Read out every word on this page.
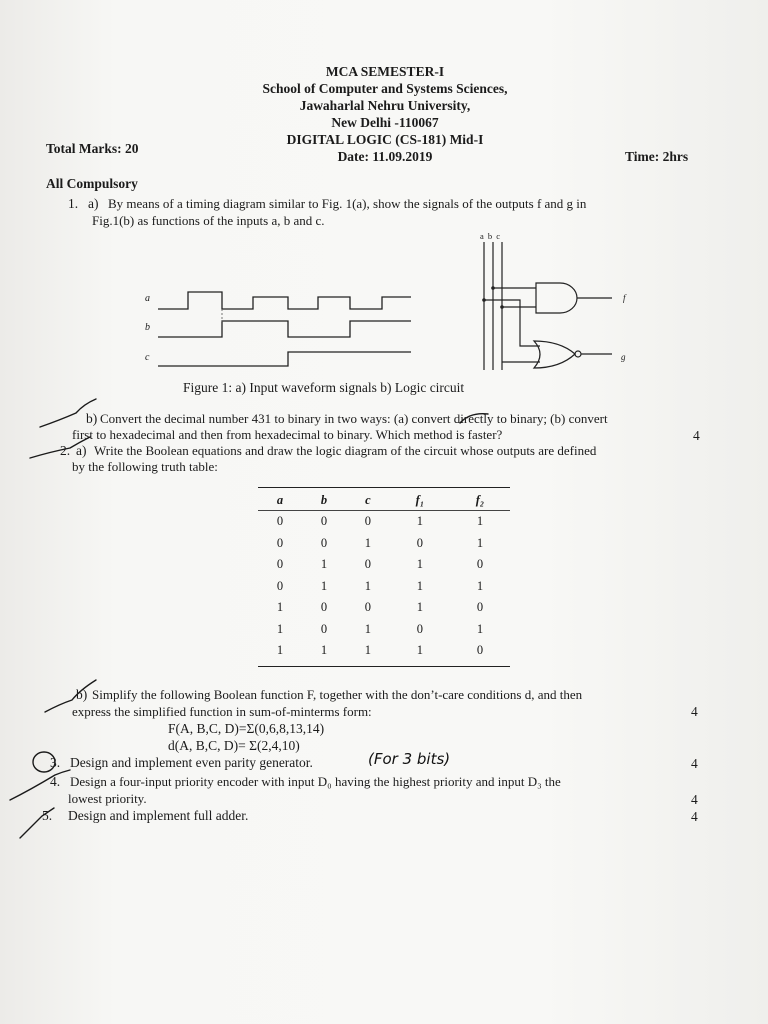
MCA SEMESTER-I
School of Computer and Systems Sciences,
Jawaharlal Nehru University,
New Delhi -110067
DIGITAL LOGIC (CS-181) Mid-I
Date: 11.09.2019
Total Marks: 20
Time: 2hrs
All Compulsory
1. a) By means of a timing diagram similar to Fig. 1(a), show the signals of the outputs f and g in
Fig.1(b) as functions of the inputs a, b and c.
a
b
c
a b c
f
g
Figure 1: a) Input waveform signals b) Logic circuit
b) Convert the decimal number 431 to binary in two ways: (a) convert directly to binary; (b) convert
first to hexadecimal and then from hexadecimal to binary. Which method is faster?	4
2. a) Write the Boolean equations and draw the logic diagram of the circuit whose outputs are defined
by the following truth table:
a	b	c	f₁	f₂
0	0	0	1	1
0	0	1	0	1
0	1	0	1	0
0	1	1	1	1
1	0	0	1	0
1	0	1	0	1
1	1	1	1	0
b) Simplify the following Boolean function F, together with the don’t-care conditions d, and then
express the simplified function in sum-of-minterms form:	4
F(A, B,C, D)=Σ(0,6,8,13,14)
d(A, B,C, D)= Σ(2,4,10)
3. Design and implement even parity generator.	(For 3 bits)	4
4. Design a four-input priority encoder with input D₀ having the highest priority and input D₃ the
lowest priority.	4
5. Design and implement full adder.	4
